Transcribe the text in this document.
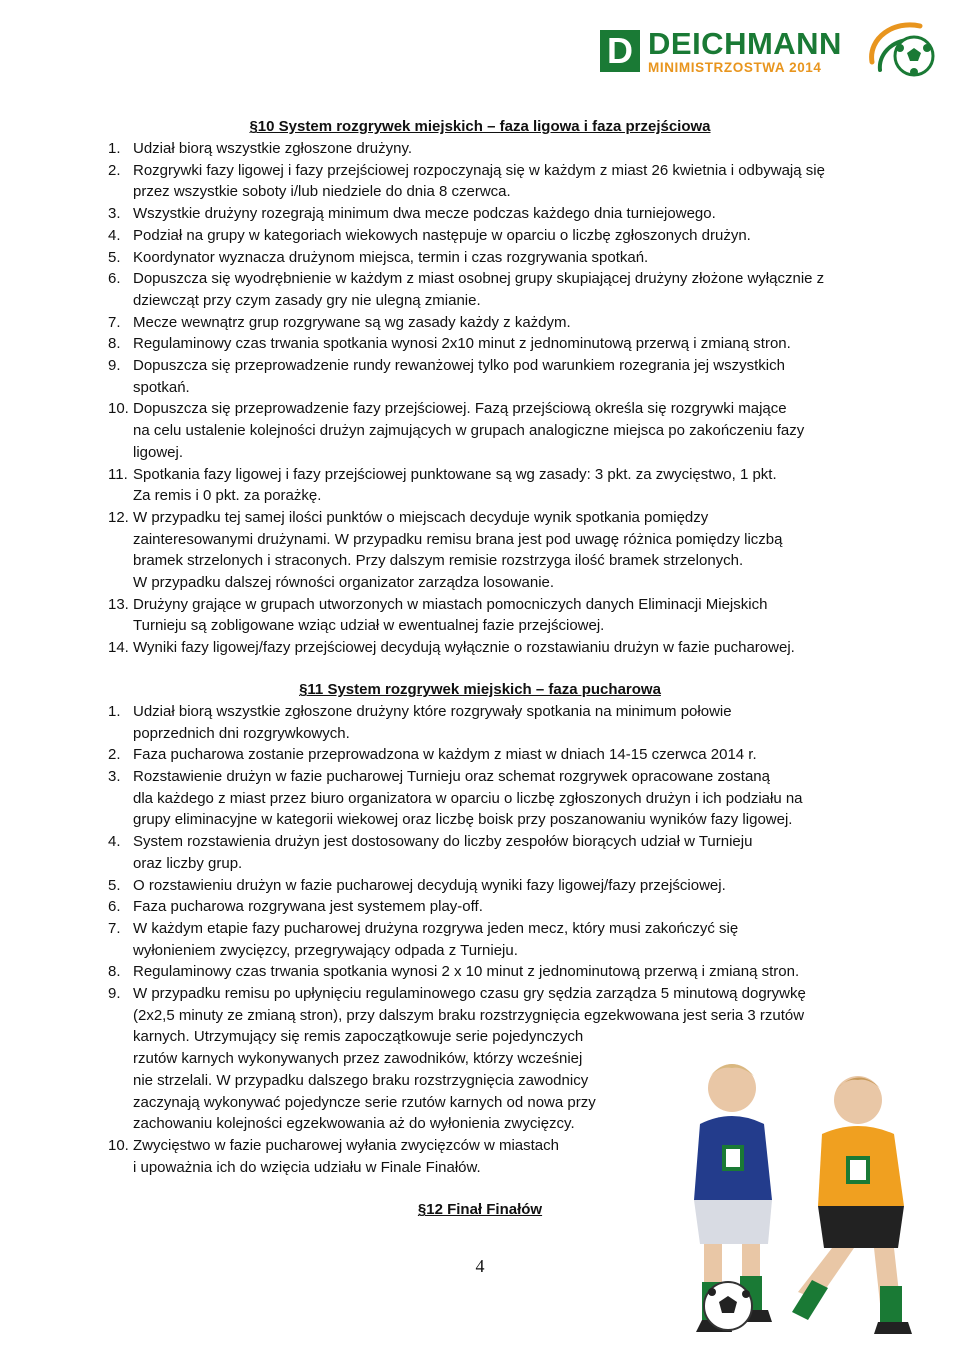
D DEICHMANN
MINIMISTRZOSTWA 2014
§10 System rozgrywek miejskich – faza ligowa i faza przejściowa
1. Udział biorą wszystkie zgłoszone drużyny.
2. Rozgrywki fazy ligowej i fazy przejściowej rozpoczynają się w każdym z miast 26 kwietnia i odbywają się
przez wszystkie soboty i/lub niedziele do dnia 8 czerwca.
3. Wszystkie drużyny rozegrają minimum dwa mecze podczas każdego dnia turniejowego.
4. Podział na grupy w kategoriach wiekowych następuje w oparciu o liczbę zgłoszonych drużyn.
5. Koordynator wyznacza drużynom miejsca, termin i czas rozgrywania spotkań.
6. Dopuszcza się wyodrębnienie w każdym z miast osobnej grupy skupiającej drużyny złożone wyłącznie z
dziewcząt przy czym zasady gry nie ulegną zmianie.
7. Mecze wewnątrz grup rozgrywane są wg zasady każdy z każdym.
8. Regulaminowy czas trwania spotkania wynosi 2x10 minut z jednominutową przerwą i zmianą stron.
9. Dopuszcza się przeprowadzenie rundy rewanżowej tylko pod warunkiem rozegrania jej wszystkich
spotkań.
10. Dopuszcza się przeprowadzenie fazy przejściowej. Fazą przejściową określa się rozgrywki mające
na celu ustalenie kolejności drużyn zajmujących w grupach analogiczne miejsca po zakończeniu fazy
ligowej.
11. Spotkania fazy ligowej i fazy przejściowej punktowane są wg zasady: 3 pkt. za zwycięstwo, 1 pkt.
Za remis i 0 pkt. za porażkę.
12. W przypadku tej samej ilości punktów o miejscach decyduje wynik spotkania pomiędzy
zainteresowanymi drużynami. W przypadku remisu brana jest pod uwagę różnica pomiędzy liczbą
bramek strzelonych i straconych. Przy dalszym remisie rozstrzyga ilość bramek strzelonych.
W przypadku dalszej równości organizator zarządza losowanie.
13. Drużyny grające w grupach utworzonych w miastach pomocniczych danych Eliminacji Miejskich
Turnieju są zobligowane wziąc udział w ewentualnej fazie przejściowej.
14. Wyniki fazy ligowej/fazy przejściowej decydują wyłącznie o rozstawianiu drużyn w fazie pucharowej.
§11 System rozgrywek miejskich – faza pucharowa
1. Udział biorą wszystkie zgłoszone drużyny które rozgrywały spotkania na minimum połowie
poprzednich dni rozgrywkowych.
2. Faza pucharowa zostanie przeprowadzona w każdym z miast w dniach 14-15 czerwca 2014 r.
3. Rozstawienie drużyn w fazie pucharowej Turnieju oraz schemat rozgrywek opracowane zostaną
dla każdego z miast przez biuro organizatora w oparciu o liczbę zgłoszonych drużyn i ich podziału na
grupy eliminacyjne w kategorii wiekowej oraz liczbę boisk przy poszanowaniu wyników fazy ligowej.
4. System rozstawienia drużyn jest dostosowany do liczby zespołów biorących udział w Turnieju
oraz liczby grup.
5. O rozstawieniu drużyn w fazie pucharowej decydują wyniki fazy ligowej/fazy przejściowej.
6. Faza pucharowa rozgrywana jest systemem play-off.
7. W każdym etapie fazy pucharowej drużyna rozgrywa jeden mecz, który musi zakończyć się
wyłonieniem zwycięzcy, przegrywający odpada z Turnieju.
8. Regulaminowy czas trwania spotkania wynosi 2 x 10 minut z jednominutową przerwą i zmianą stron.
9. W przypadku remisu po upłynięciu regulaminowego czasu gry sędzia zarządza 5 minutową dogrywkę
(2x2,5 minuty ze zmianą stron), przy dalszym braku rozstrzygnięcia egzekwowana jest seria 3 rzutów
karnych. Utrzymujący się remis zapoczątkowuje serie pojedynczych
rzutów karnych wykonywanych przez zawodników, którzy wcześniej
nie strzelali. W przypadku dalszego braku rozstrzygnięcia zawodnicy
zaczynają wykonywać pojedyncze serie rzutów karnych od nowa przy
zachowaniu kolejności egzekwowania aż do wyłonienia zwycięzcy.
10. Zwycięstwo w fazie pucharowej wyłania zwycięzców w miastach
i upoważnia ich do wzięcia udziału w Finale Finałów.
§12 Finał Finałów
4
